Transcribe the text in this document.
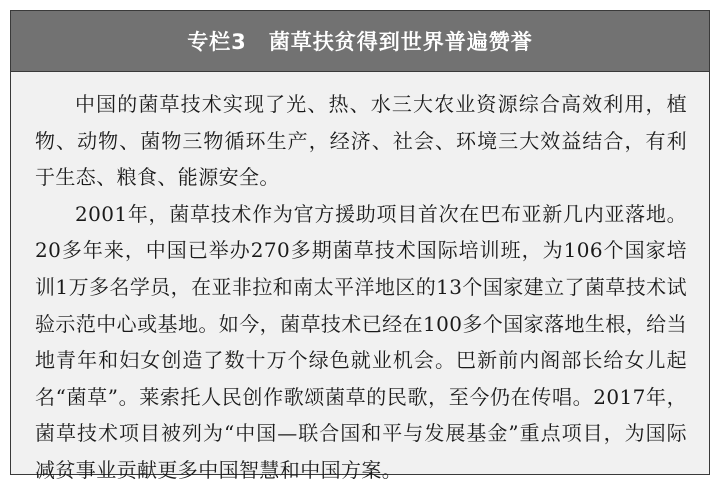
专栏3 菌草扶贫得到世界普遍赞誉

中国的菌草技术实现了光、热、水三大农业资源综合高效利用，植物、动物、菌物三物循环生产，经济、社会、环境三大效益结合，有利于生态、粮食、能源安全。

2001年，菌草技术作为官方援助项目首次在巴布亚新几内亚落地。20多年来，中国已举办270多期菌草技术国际培训班，为106个国家培训1万多名学员，在亚非拉和南太平洋地区的13个国家建立了菌草技术试验示范中心或基地。如今，菌草技术已经在100多个国家落地生根，给当地青年和妇女创造了数十万个绿色就业机会。巴新前内阁部长给女儿起名“菌草”。莱索托人民创作歌颂菌草的民歌，至今仍在传唱。2017年，菌草技术项目被列为“中国—联合国和平与发展基金”重点项目，为国际减贫事业贡献更多中国智慧和中国方案。
